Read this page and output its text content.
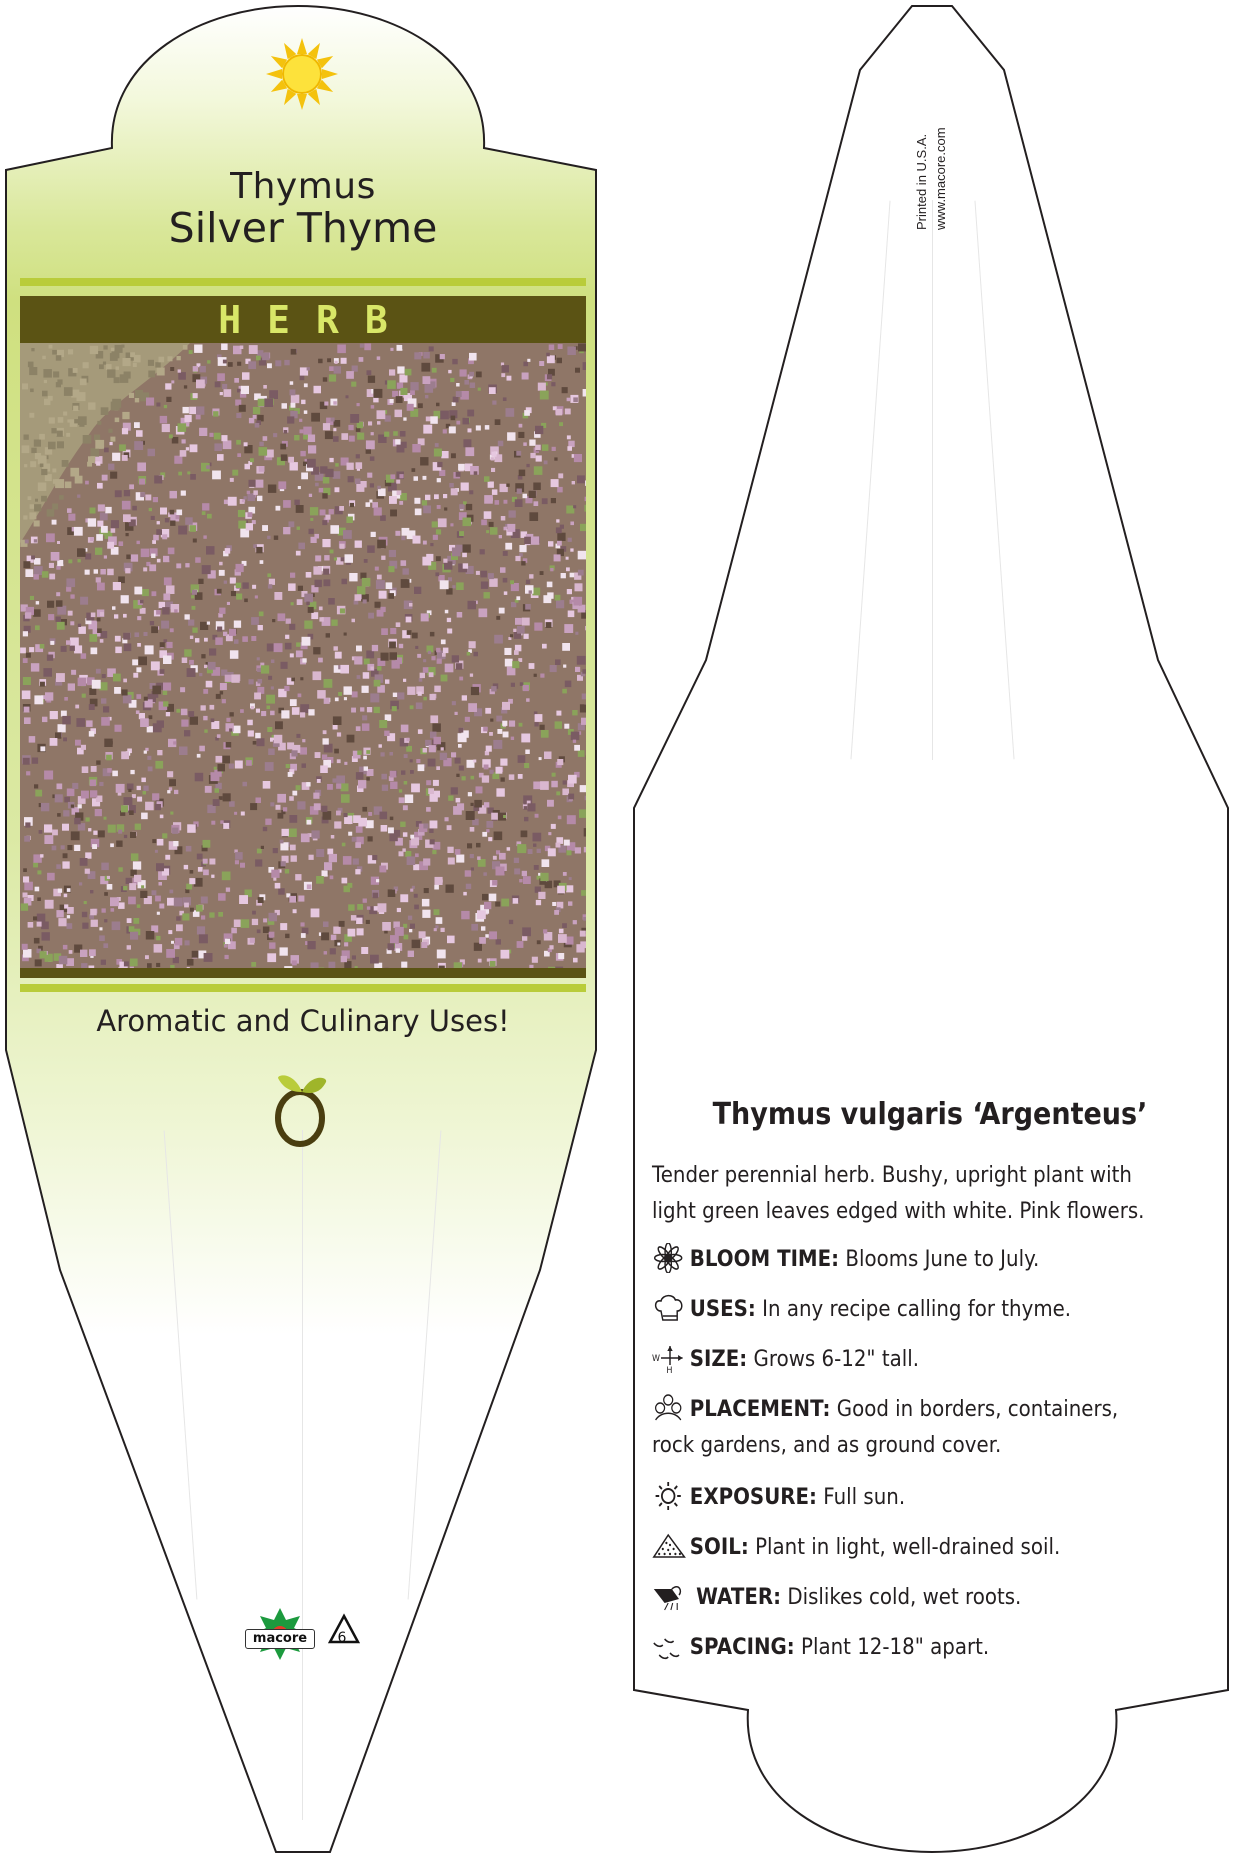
Thymus
Silver Thyme
HERB
Aromatic and Culinary Uses!
macore	6
Printed in U.S.A. www.macore.com
Thymus vulgaris ‘Argenteus’
Tender perennial herb. Bushy, upright plant with light green leaves edged with white. Pink flowers.
BLOOM TIME: Blooms June to July.
USES: In any recipe calling for thyme.
W
H SIZE: Grows 6-12" tall.
PLACEMENT: Good in borders, containers, rock gardens, and as ground cover.
EXPOSURE: Full sun.
SOIL: Plant in light, well-drained soil.
WATER: Dislikes cold, wet roots.
SPACING: Plant 12-18" apart.
